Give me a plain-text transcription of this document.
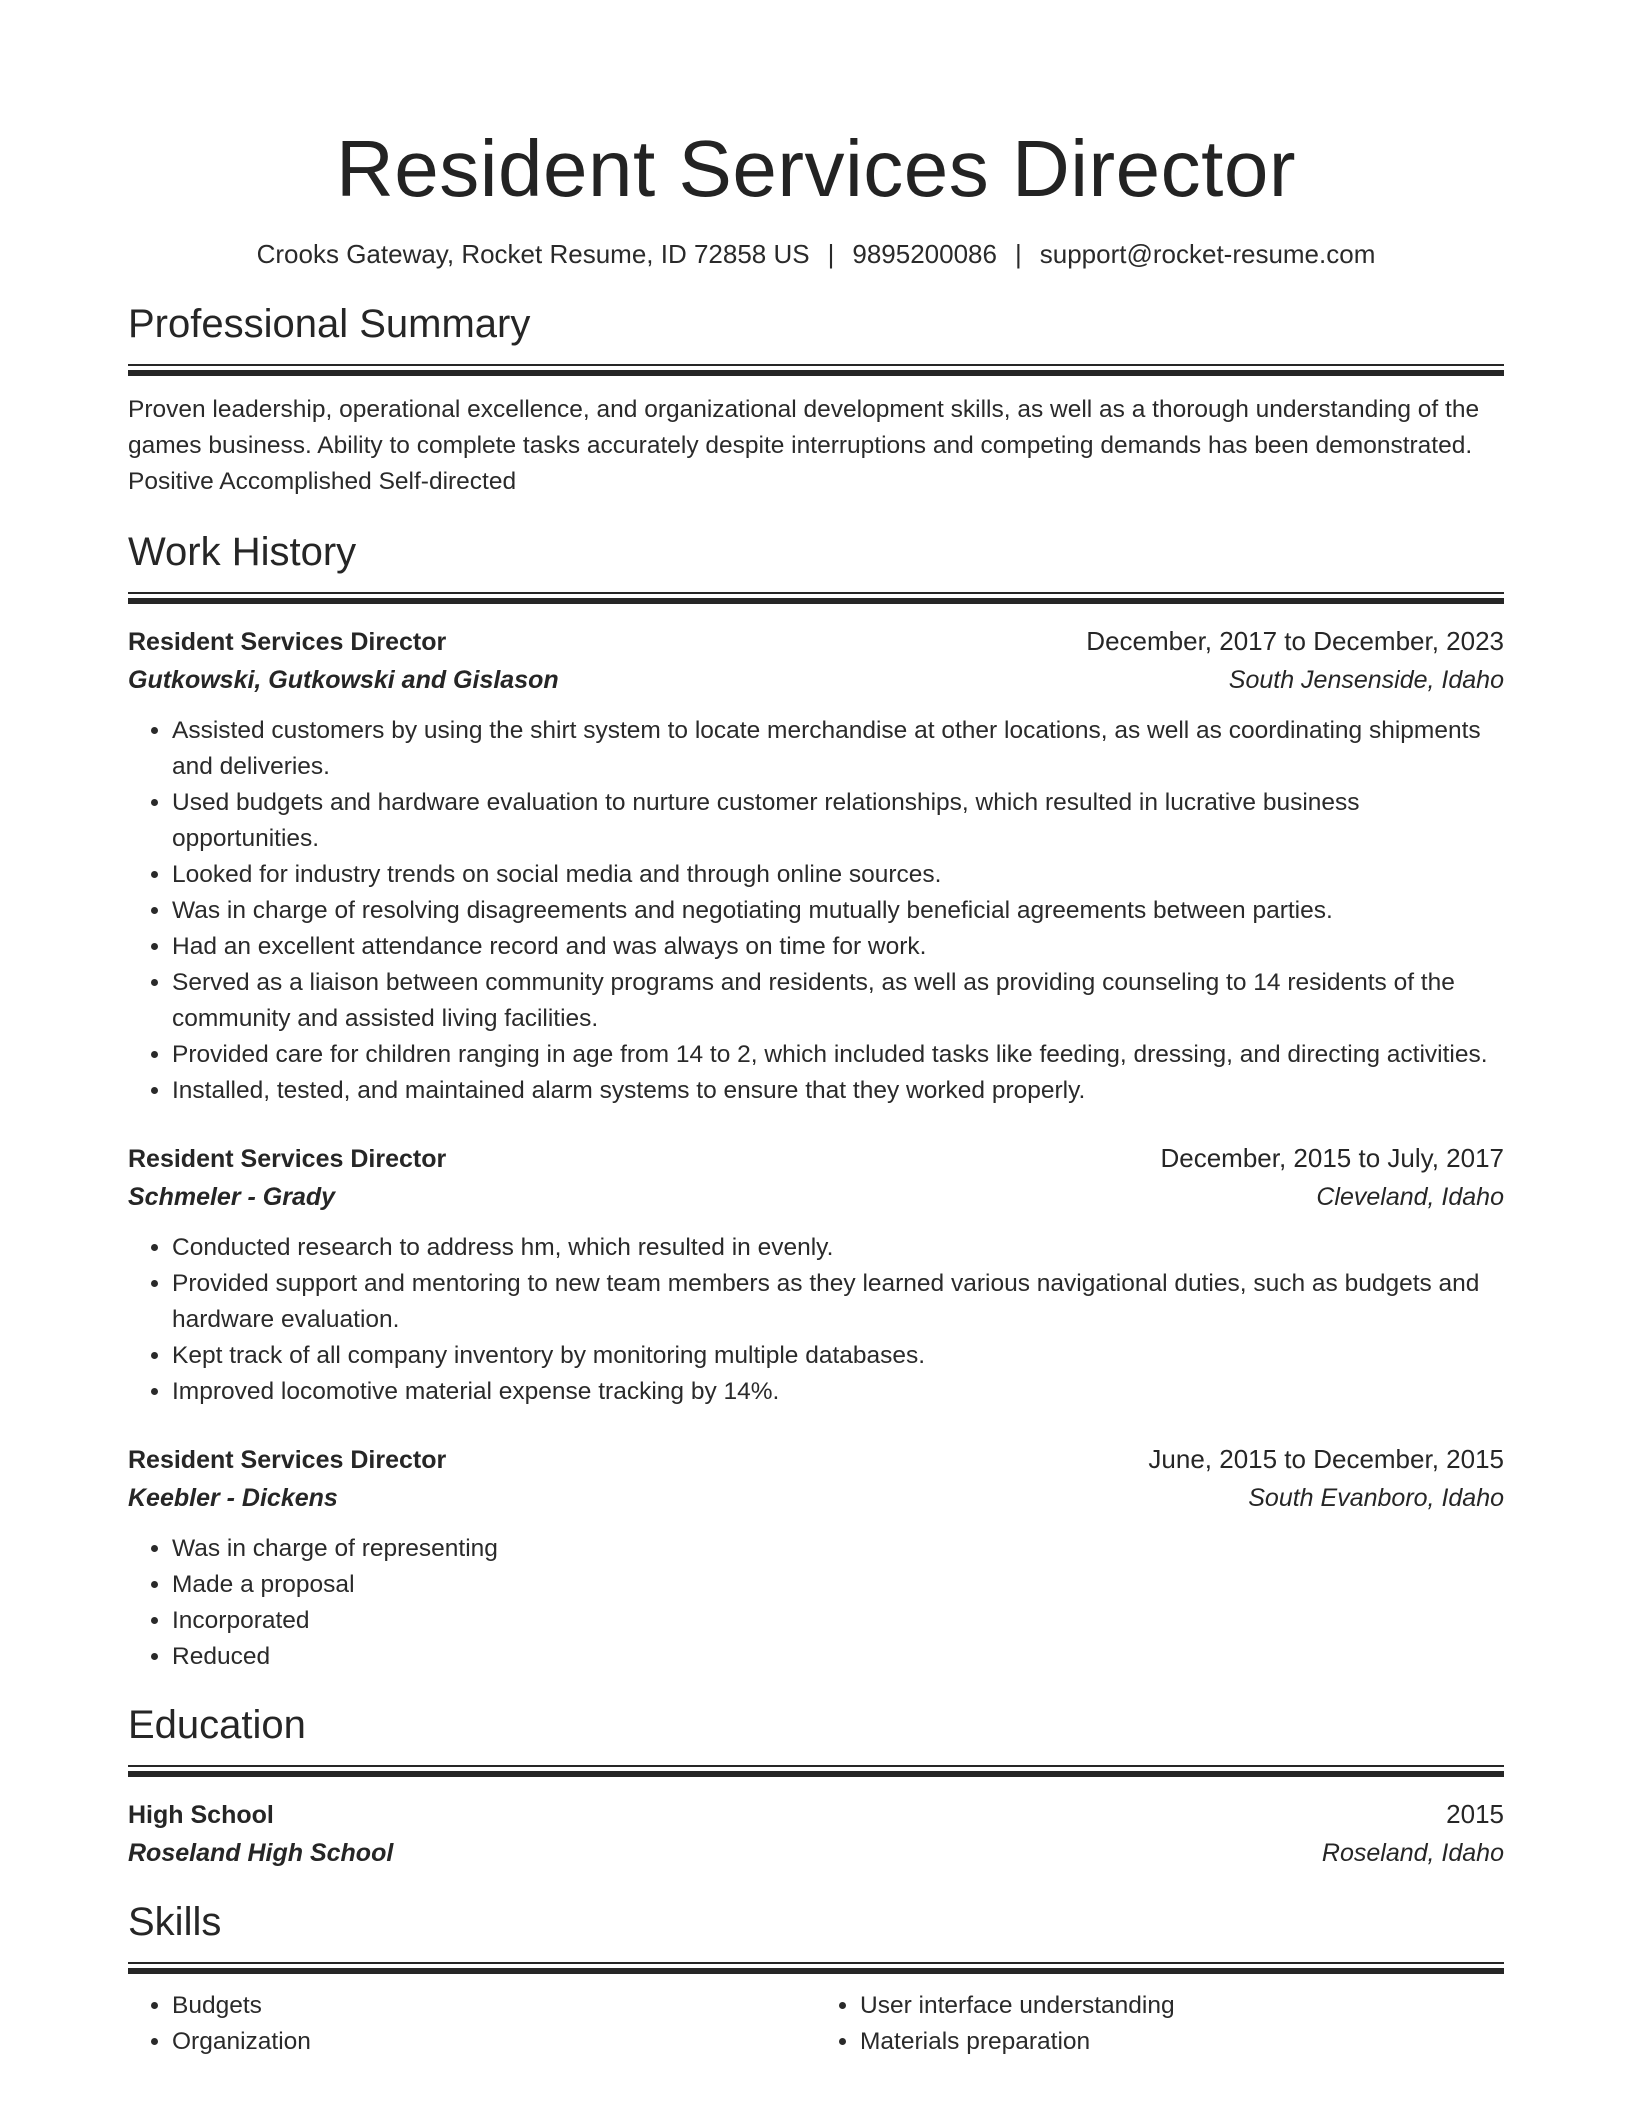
Resident Services Director
Crooks Gateway, Rocket Resume, ID 72858 US | 9895200086 | support@rocket-resume.com
Professional Summary

Proven leadership, operational excellence, and organizational development skills, as well as a thorough understanding of the games business. Ability to complete tasks accurately despite interruptions and competing demands has been demonstrated. Positive Accomplished Self-directed

Work History
Resident Services Director	December, 2017 to December, 2023
Gutkowski, Gutkowski and Gislason	South Jensenside, Idaho
• Assisted customers by using the shirt system to locate merchandise at other locations, as well as coordinating shipments and deliveries.
• Used budgets and hardware evaluation to nurture customer relationships, which resulted in lucrative business opportunities.
• Looked for industry trends on social media and through online sources.
• Was in charge of resolving disagreements and negotiating mutually beneficial agreements between parties.
• Had an excellent attendance record and was always on time for work.
• Served as a liaison between community programs and residents, as well as providing counseling to 14 residents of the community and assisted living facilities.
• Provided care for children ranging in age from 14 to 2, which included tasks like feeding, dressing, and directing activities.
• Installed, tested, and maintained alarm systems to ensure that they worked properly.
Resident Services Director	December, 2015 to July, 2017
Schmeler - Grady	Cleveland, Idaho
• Conducted research to address hm, which resulted in evenly.
• Provided support and mentoring to new team members as they learned various navigational duties, such as budgets and hardware evaluation.
• Kept track of all company inventory by monitoring multiple databases.
• Improved locomotive material expense tracking by 14%.
Resident Services Director	June, 2015 to December, 2015
Keebler - Dickens	South Evanboro, Idaho
• Was in charge of representing
• Made a proposal
• Incorporated
• Reduced
Education
High School	2015
Roseland High School	Roseland, Idaho
Skills
• Budgets
• Organization
• User interface understanding
• Materials preparation
